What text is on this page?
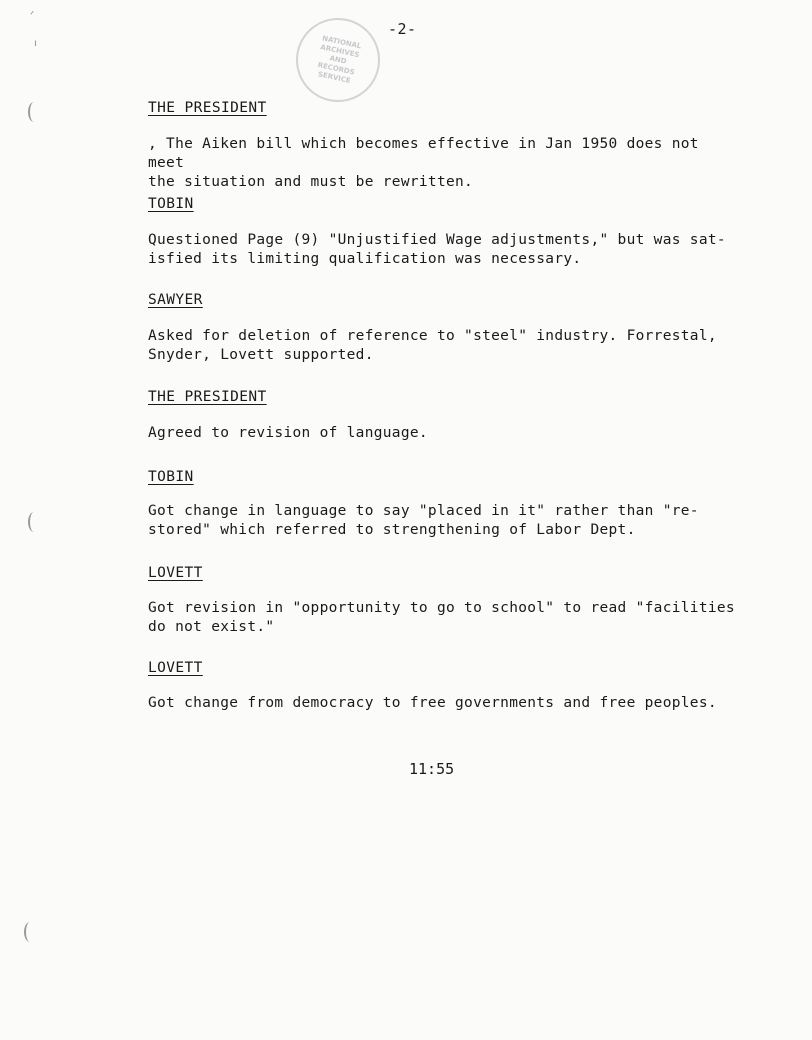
ᐟ
ı	NATIONAL ARCHIVES AND RECORDS SERVICE
-2-
THE PRESIDENT
, The Aiken bill which becomes effective in Jan 1950 does not meet
the situation and must be rewritten.
TOBIN
Questioned Page (9) "Unjustified Wage adjustments," but was sat-
isfied its limiting qualification was necessary.
SAWYER
Asked for deletion of reference to "steel" industry. Forrestal,
Snyder, Lovett supported.
THE PRESIDENT
Agreed to revision of language.
TOBIN
Got change in language to say "placed in it" rather than "re-
stored" which referred to strengthening of Labor Dept.
LOVETT
Got revision in "opportunity to go to school" to read "facilities
do not exist."
LOVETT
Got change from democracy to free governments and free peoples.
11:55
